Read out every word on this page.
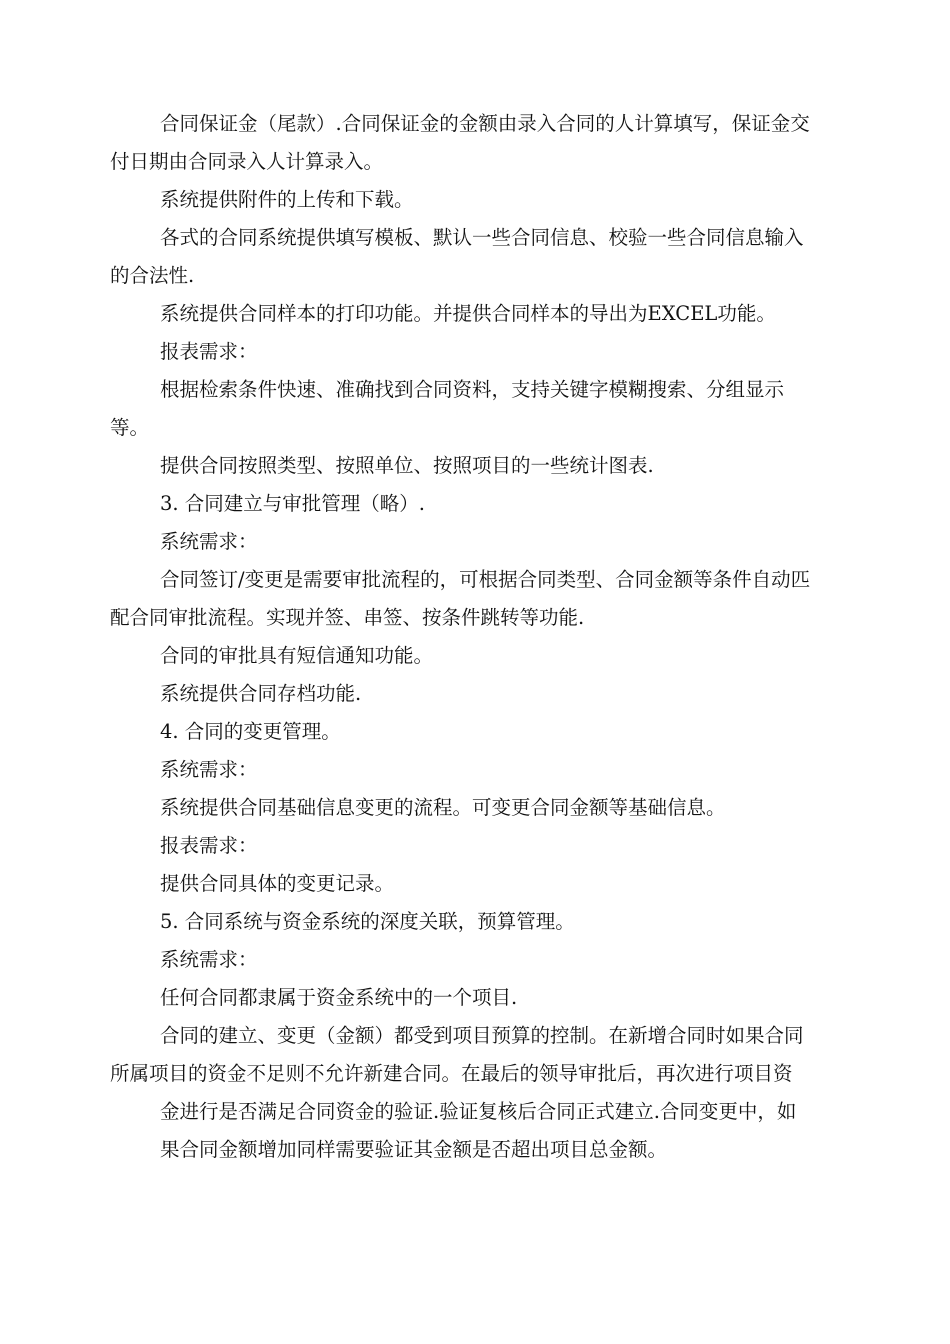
合同保证金（尾款）.合同保证金的金额由录入合同的人计算填写，保证金交

付日期由合同录入人计算录入。

系统提供附件的上传和下载。

各式的合同系统提供填写模板、默认一些合同信息、校验一些合同信息输入

的合法性.

系统提供合同样本的打印功能。并提供合同样本的导出为EXCEL功能。

报表需求：

根据检索条件快速、准确找到合同资料，支持关键字模糊搜索、分组显示

等。

提供合同按照类型、按照单位、按照项目的一些统计图表.

3. 合同建立与审批管理（略）.

系统需求：

合同签订/变更是需要审批流程的，可根据合同类型、合同金额等条件自动匹

配合同审批流程。实现并签、串签、按条件跳转等功能.

合同的审批具有短信通知功能。

系统提供合同存档功能.

4. 合同的变更管理。

系统需求：

系统提供合同基础信息变更的流程。可变更合同金额等基础信息。

报表需求：

提供合同具体的变更记录。

5. 合同系统与资金系统的深度关联，预算管理。

系统需求：

任何合同都隶属于资金系统中的一个项目.

合同的建立、变更（金额）都受到项目预算的控制。在新增合同时如果合同

所属项目的资金不足则不允许新建合同。在最后的领导审批后，再次进行项目资

金进行是否满足合同资金的验证.验证复核后合同正式建立.合同变更中，如

果合同金额增加同样需要验证其金额是否超出项目总金额。
